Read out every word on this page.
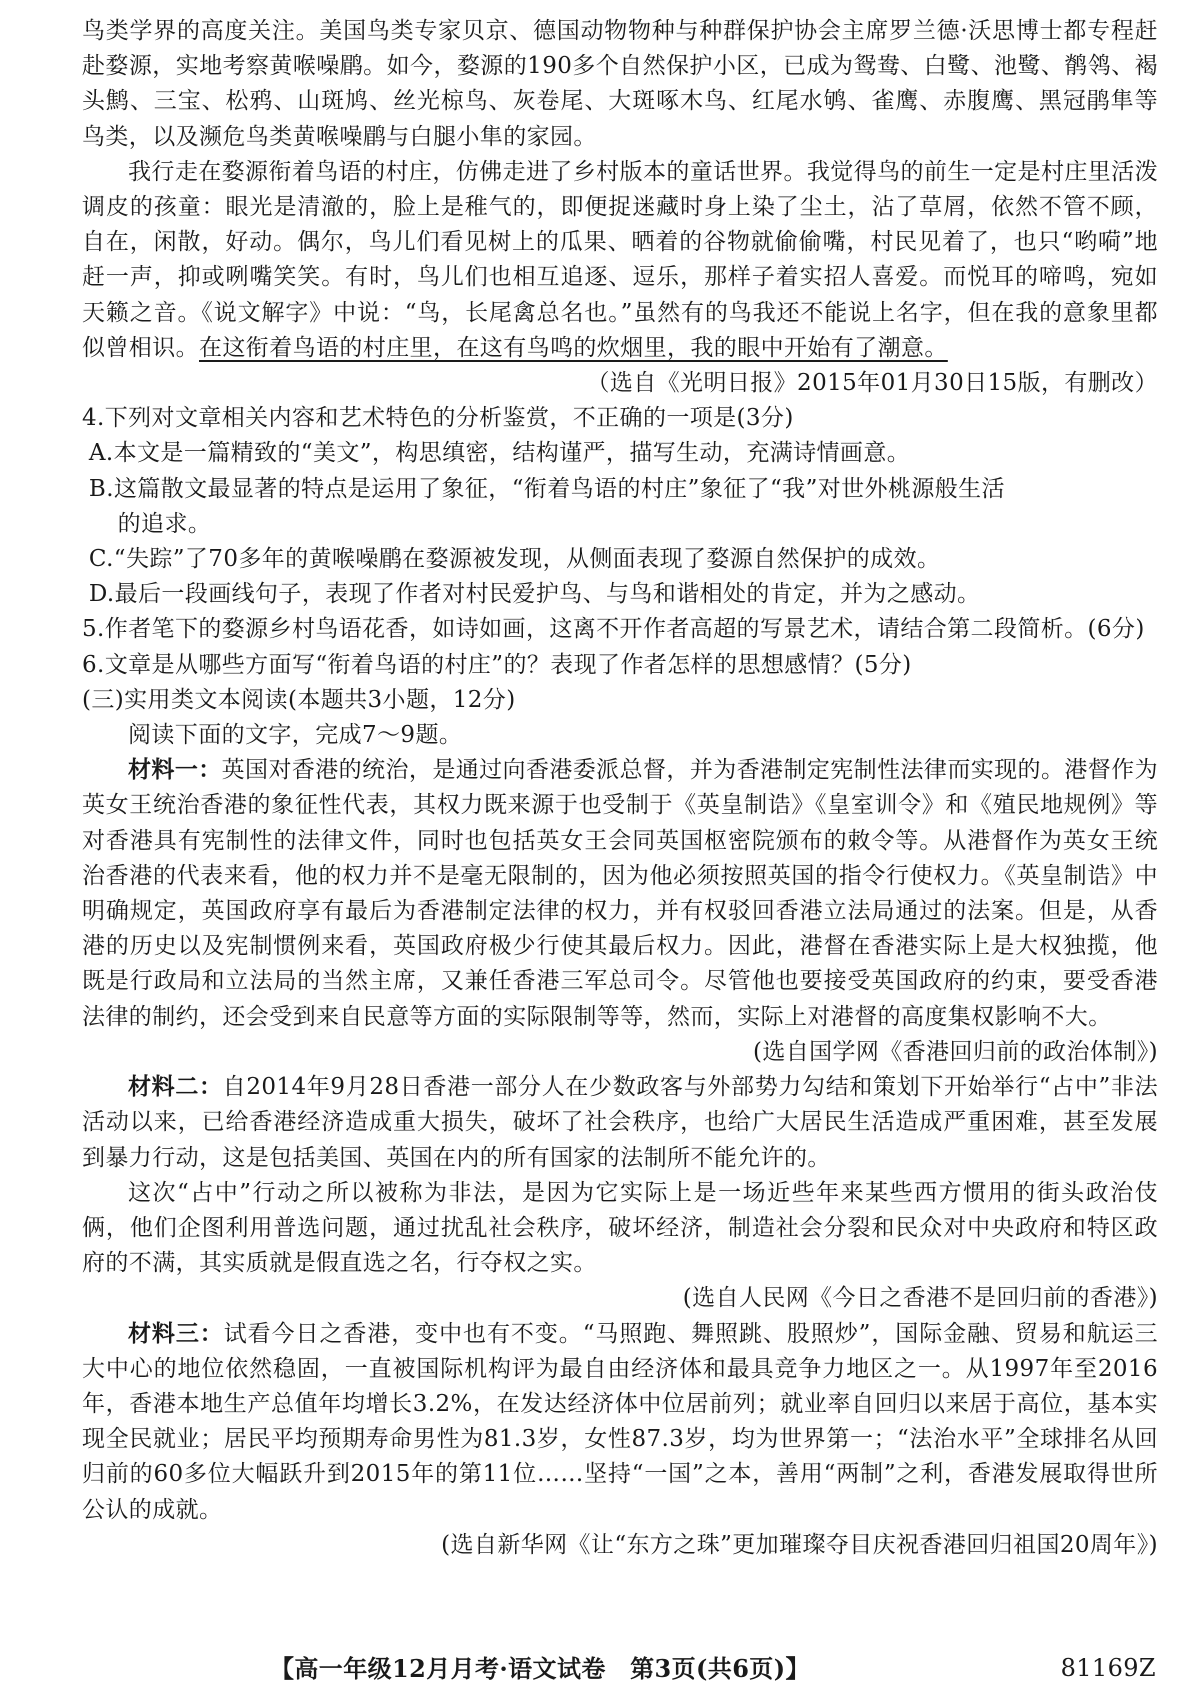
鸟类学界的高度关注。美国鸟类专家贝京、德国动物物种与种群保护协会主席罗兰德·沃思博士都专程赶赴婺源，实地考察黄喉噪鹛。如今，婺源的190多个自然保护小区，已成为鸳鸯、白鹭、池鹭、鹡鸰、褐头鹪、三宝、松鸦、山斑鸠、丝光椋鸟、灰卷尾、大斑啄木鸟、红尾水鸲、雀鹰、赤腹鹰、黑冠鹃隼等鸟类，以及濒危鸟类黄喉噪鹛与白腿小隼的家园。

我行走在婺源衔着鸟语的村庄，仿佛走进了乡村版本的童话世界。我觉得鸟的前生一定是村庄里活泼调皮的孩童：眼光是清澈的，脸上是稚气的，即便捉迷藏时身上染了尘土，沾了草屑，依然不管不顾，自在，闲散，好动。偶尔，鸟儿们看见树上的瓜果、晒着的谷物就偷偷嘴，村民见着了，也只“哟嗬”地赶一声，抑或咧嘴笑笑。有时，鸟儿们也相互追逐、逗乐，那样子着实招人喜爱。而悦耳的啼鸣，宛如天籁之音。《说文解字》中说：“鸟，长尾禽总名也。”虽然有的鸟我还不能说上名字，但在我的意象里都似曾相识。在这衔着鸟语的村庄里，在这有鸟鸣的炊烟里，我的眼中开始有了潮意。

（选自《光明日报》2015年01月30日15版，有删改）

4.下列对文章相关内容和艺术特色的分析鉴赏，不正确的一项是(3分)

A.本文是一篇精致的“美文”，构思缜密，结构谨严，描写生动，充满诗情画意。

B.这篇散文最显著的特点是运用了象征，“衔着鸟语的村庄”象征了“我”对世外桃源般生活

的追求。

C.“失踪”了70多年的黄喉噪鹛在婺源被发现，从侧面表现了婺源自然保护的成效。

D.最后一段画线句子，表现了作者对村民爱护鸟、与鸟和谐相处的肯定，并为之感动。

5.作者笔下的婺源乡村鸟语花香，如诗如画，这离不开作者高超的写景艺术，请结合第二段简析。(6分)

6.文章是从哪些方面写“衔着鸟语的村庄”的？表现了作者怎样的思想感情？(5分)

(三)实用类文本阅读(本题共3小题，12分)

阅读下面的文字，完成7～9题。

材料一：英国对香港的统治，是通过向香港委派总督，并为香港制定宪制性法律而实现的。港督作为英女王统治香港的象征性代表，其权力既来源于也受制于《英皇制诰》《皇室训令》和《殖民地规例》等对香港具有宪制性的法律文件，同时也包括英女王会同英国枢密院颁布的敕令等。从港督作为英女王统治香港的代表来看，他的权力并不是毫无限制的，因为他必须按照英国的指令行使权力。《英皇制诰》中明确规定，英国政府享有最后为香港制定法律的权力，并有权驳回香港立法局通过的法案。但是，从香港的历史以及宪制惯例来看，英国政府极少行使其最后权力。因此，港督在香港实际上是大权独揽，他既是行政局和立法局的当然主席，又兼任香港三军总司令。尽管他也要接受英国政府的约束，要受香港法律的制约，还会受到来自民意等方面的实际限制等等，然而，实际上对港督的高度集权影响不大。

(选自国学网《香港回归前的政治体制》)

材料二：自2014年9月28日香港一部分人在少数政客与外部势力勾结和策划下开始举行“占中”非法活动以来，已给香港经济造成重大损失，破坏了社会秩序，也给广大居民生活造成严重困难，甚至发展到暴力行动，这是包括美国、英国在内的所有国家的法制所不能允许的。

这次“占中”行动之所以被称为非法，是因为它实际上是一场近些年来某些西方惯用的街头政治伎俩，他们企图利用普选问题，通过扰乱社会秩序，破坏经济，制造社会分裂和民众对中央政府和特区政府的不满，其实质就是假直选之名，行夺权之实。

(选自人民网《今日之香港不是回归前的香港》)

材料三：试看今日之香港，变中也有不变。“马照跑、舞照跳、股照炒”，国际金融、贸易和航运三大中心的地位依然稳固，一直被国际机构评为最自由经济体和最具竞争力地区之一。从1997年至2016年，香港本地生产总值年均增长3.2%，在发达经济体中位居前列；就业率自回归以来居于高位，基本实现全民就业；居民平均预期寿命男性为81.3岁，女性87.3岁，均为世界第一；“法治水平”全球排名从回归前的60多位大幅跃升到2015年的第11位……坚持“一国”之本，善用“两制”之利，香港发展取得世所公认的成就。

(选自新华网《让“东方之珠”更加璀璨夺目庆祝香港回归祖国20周年》)

【高一年级12月月考·语文试卷　第3页(共6页)】	81169Z
